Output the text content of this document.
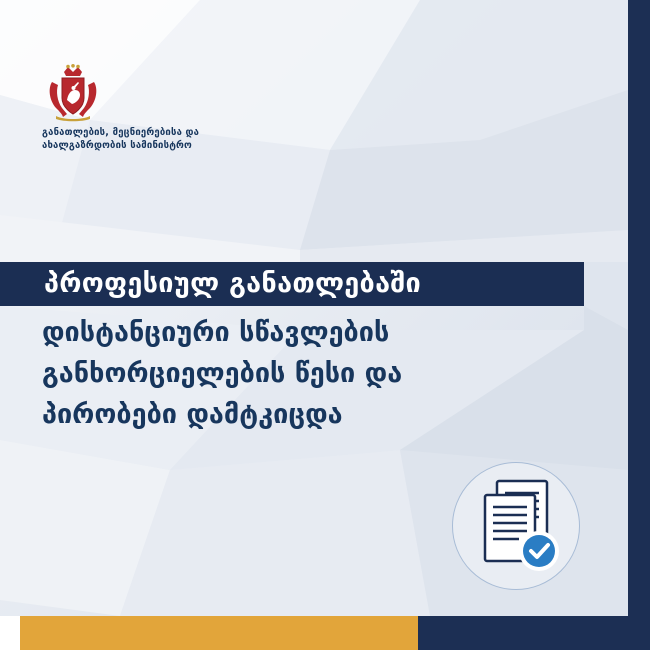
განათლების, მეცნიერებისა და
ახალგაზრდობის სამინისტრო
პროფესიულ განათლებაში
დისტანციური სწავლების
განხორციელების წესი და
პირობები დამტკიცდა
